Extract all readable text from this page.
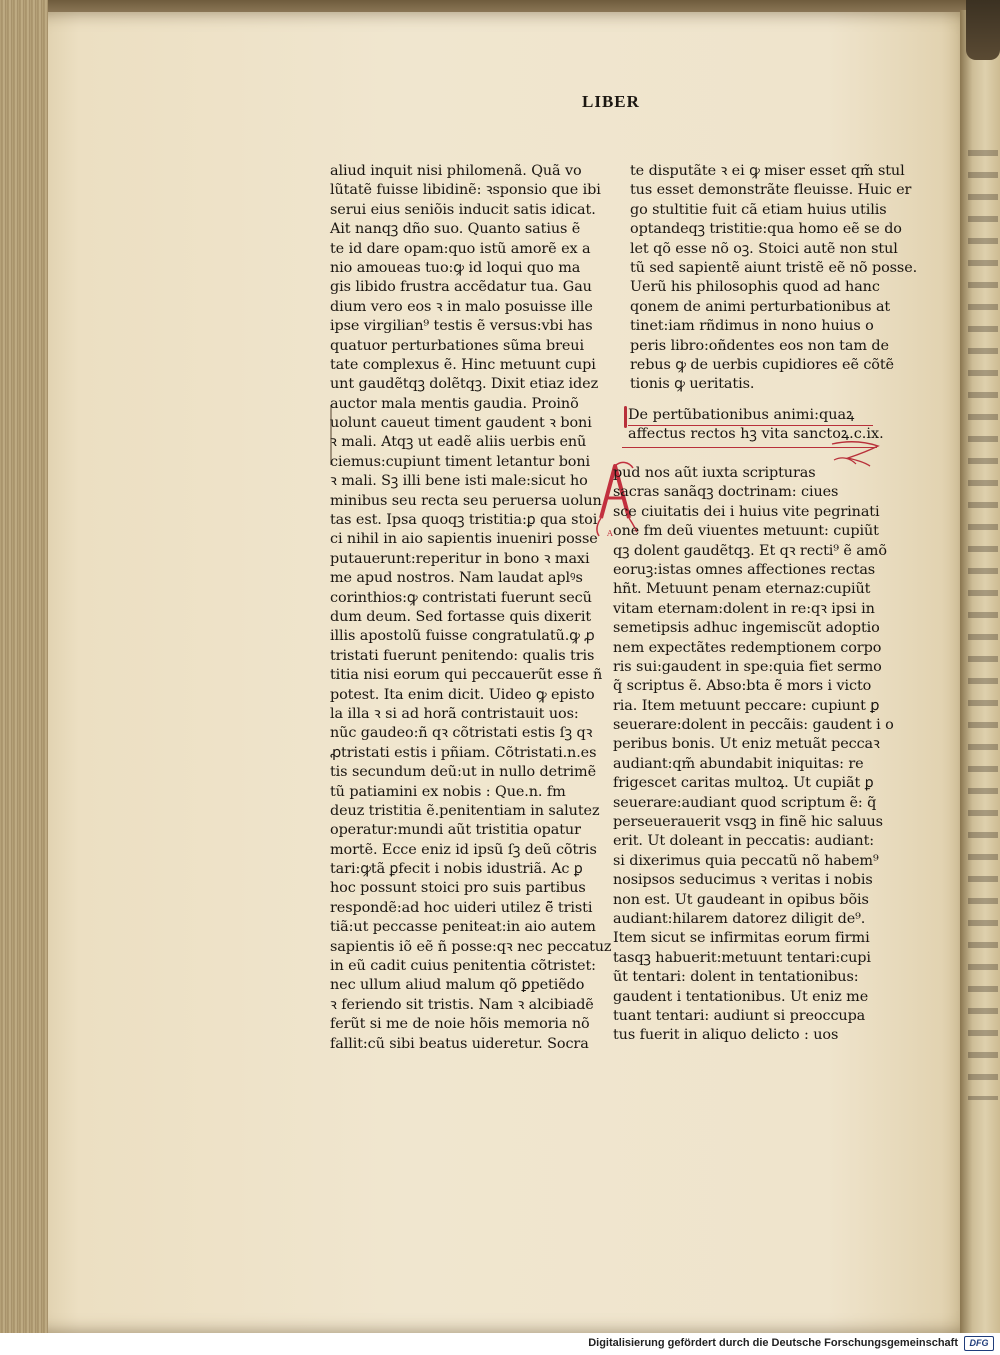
LIBER
aliud inquit nisi philomenã. Quã vo
lũtatẽ fuisse libidinẽ: ꝛsponsio que ibi
serui eius seniõis inducit satis idicat.
Ait nanqꝫ dño suo. Quanto satius ẽ
te id dare opam:quo istũ amorẽ ex a
nio amoueas tuo:ꝙ id loqui quo ma
gis libido frustra accẽdatur tua. Gau
dium vero eos ꝛ in malo posuisse ille
ipse virgilian⁹ testis ẽ versus:vbi has
quatuor perturbationes sũma breui
tate complexus ẽ. Hinc metuunt cupi
unt gaudẽtqꝫ dolẽtqꝫ. Dixit etiaz idez
auctor mala mentis gaudia. Proinõ
uolunt caueut timent gaudent ꝛ boni
ꝛ mali. Atqꝫ ut eadẽ aliis uerbis enũ
ciemus:cupiunt timent letantur boni
ꝛ mali. Sꝫ illi bene isti male:sicut ho
minibus seu recta seu peruersa uolun
tas est. Ipsa quoqꝫ tristitia:ꝑ qua stoi
ci nihil in aio sapientis inueniri posse
putauerunt:reperitur in bono ꝛ maxi
me apud nostros. Nam laudat aplꝰs
corinthios:ꝙ contristati fuerunt secũ
dum deum. Sed fortasse quis dixerit
illis apostolũ fuisse congratulatũ.ꝙ ꝓ
tristati fuerunt penitendo: qualis tris
titia nisi eorum qui peccauerũt esse ñ
potest. Ita enim dicit. Uideo ꝙ episto
la illa ꝛ si ad horã contristauit uos:
nũc gaudeo:ñ qꝛ cõtristati estis ſꝫ qꝛ
ꝓtristati estis i pñiam. Cõtristati.n.es
tis secundum deũ:ut in nullo detrimẽ
tũ patiamini ex nobis : Que.n. fm
deuz tristitia ẽ.penitentiam in salutez
operatur:mundi aũt tristitia opatur
mortẽ. Ecce eniz id ipsũ ſꝫ deũ cõtris
tari:ꝙtã ꝑfecit i nobis idustriã. Ac ꝑ
hoc possunt stoici pro suis partibus
respondẽ:ad hoc uideri utilez ẽ̃ tristi
tiã:ut peccasse peniteat:in aio autem
sapientis iõ eẽ ñ posse:qꝛ nec peccatuz
in eũ cadit cuius penitentia cõtristet:
nec ullum aliud malum qõ ꝑpetiẽdo
ꝛ feriendo sit tristis. Nam ꝛ alcibiadẽ
ferũt si me de noie hõis memoria nõ
fallit:cũ sibi beatus uideretur. Socra
te disputãte ꝛ ei ꝙ miser esset qm̃ stul
tus esset demonstrãte fleuisse. Huic er
go stultitie fuit cã etiam huius utilis
optandeqꝫ tristitie:qua homo eẽ se do
let qõ esse nõ oꝫ. Stoici autẽ non stul
tũ sed sapientẽ aiunt tristẽ eẽ nõ posse.
Uerũ his philosophis quod ad hanc
qonem de animi perturbationibus at
tinet:iam rñdimus in nono huius o
peris libro:oñdentes eos non tam de
rebus ꝙ de uerbis cupidiores eẽ cõtẽ
tionis ꝙ ueritatis.
De pertũbationibus animi:quaꝝ
affectus rectos hꝫ vita sanctoꝝ.c.ix.
A
pud nos aũt iuxta scripturas
sacras sanãqꝫ doctrinam: ciues
sce ciuitatis dei i huius vite pegrinati
one fm deũ viuentes metuunt: cupiũt
qꝫ dolent gaudẽtqꝫ. Et qꝛ recti⁹ ẽ amõ
eoruꝫ:istas omnes affectiones rectas
hñt. Metuunt penam eternaz:cupiũt
vitam eternam:dolent in re:qꝛ ipsi in
semetipsis adhuc ingemiscũt adoptio
nem expectãtes redemptionem corpo
ris sui:gaudent in spe:quia fiet sermo
q̃ scriptus ẽ. Abso:bta ẽ mors i victo
ria. Item metuunt peccare: cupiunt ꝑ
seuerare:dolent in peccãis: gaudent i o
peribus bonis. Ut eniz metuãt peccaꝛ
audiant:qm̃ abundabit iniquitas: re
frigescet caritas multoꝝ. Ut cupiãt ꝑ
seuerare:audiant quod scriptum ẽ: q̃
perseuerauerit vsqꝫ in finẽ hic saluus
erit. Ut doleant in peccatis: audiant:
si dixerimus quia peccatũ nõ habem⁹
nosipsos seducimus ꝛ veritas i nobis
non est. Ut gaudeant in opibus bõis
audiant:hilarem datorez diligit de⁹.
Item sicut se infirmitas eorum firmi
tasqꝫ habuerit:metuunt tentari:cupi
ũt tentari: dolent in tentationibus:
gaudent i tentationibus. Ut eniz me
tuant tentari: audiunt si preoccupa
tus fuerit in aliquo delicto : uos
Digitalisierung gefördert durch die Deutsche Forschungsgemeinschaft	DFG
